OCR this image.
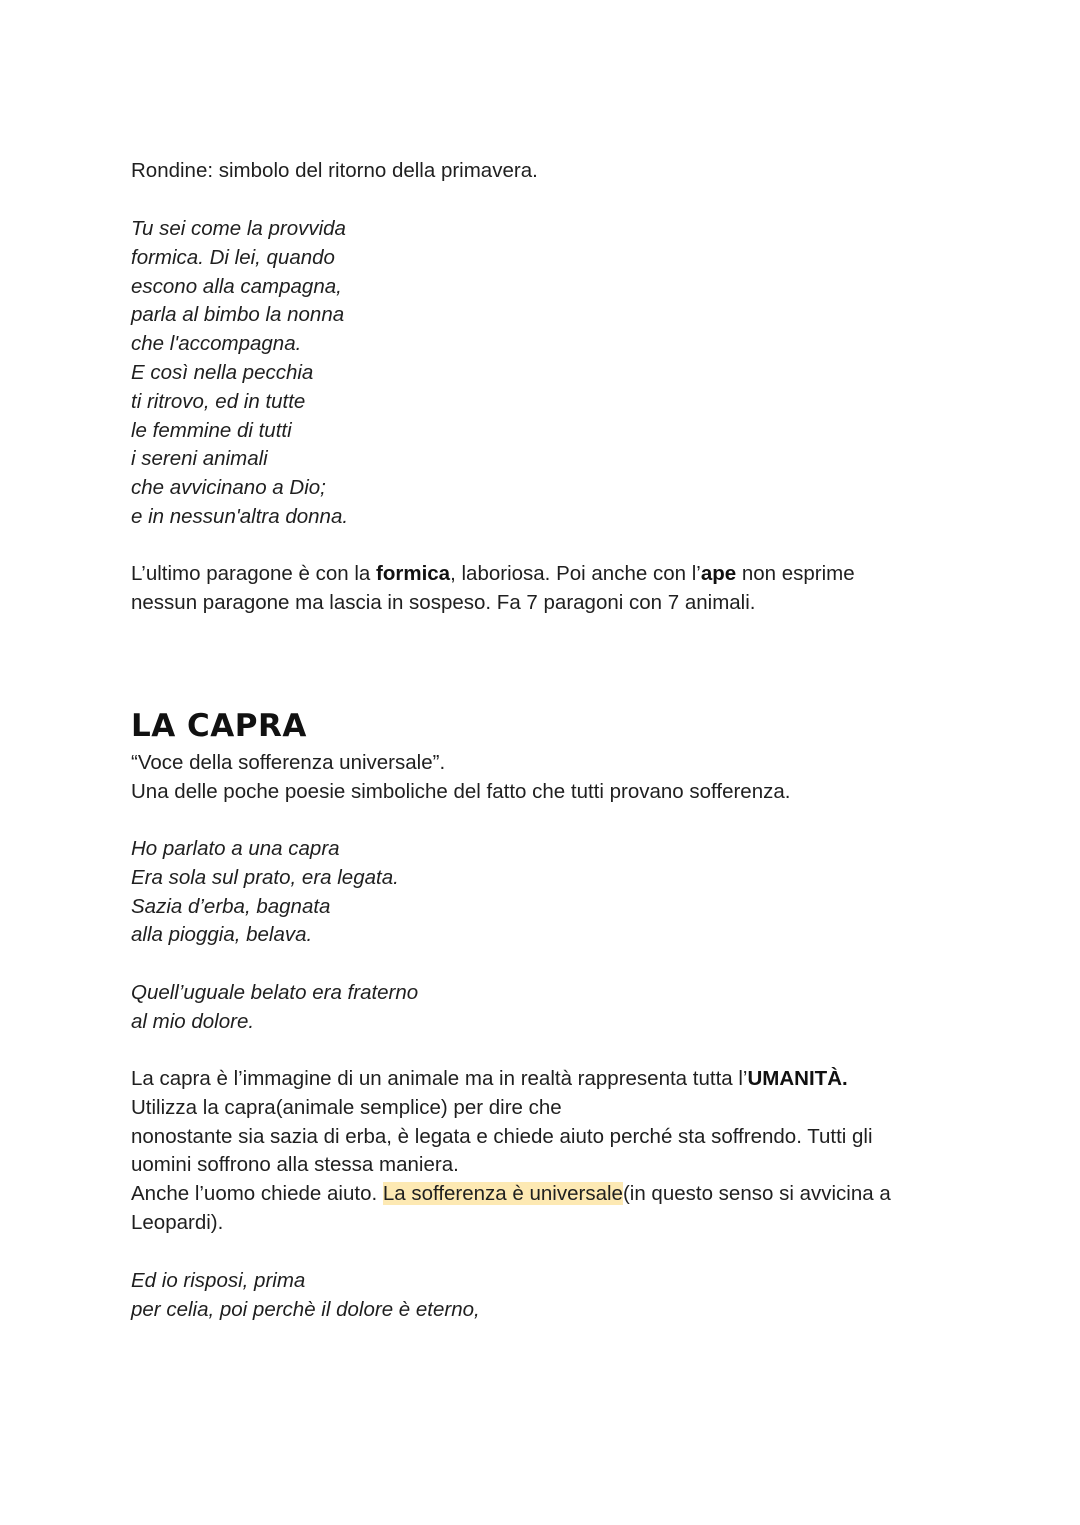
Rondine: simbolo del ritorno della primavera.
Tu sei come la provvida
formica. Di lei, quando
escono alla campagna,
parla al bimbo la nonna
che l'accompagna.
E così nella pecchia
ti ritrovo, ed in tutte
le femmine di tutti
i sereni animali
che avvicinano a Dio;
e in nessun'altra donna.
L’ultimo paragone è con la formica, laboriosa. Poi anche con l’ape non esprime
nessun paragone ma lascia in sospeso. Fa 7 paragoni con 7 animali.
LA CAPRA
“Voce della sofferenza universale”.
Una delle poche poesie simboliche del fatto che tutti provano sofferenza.
Ho parlato a una capra
Era sola sul prato, era legata.
Sazia d’erba, bagnata
alla pioggia, belava.
Quell’uguale belato era fraterno
al mio dolore.
La capra è l’immagine di un animale ma in realtà rappresenta tutta l’UMANITÀ.
Utilizza la capra(animale semplice) per dire che
nonostante sia sazia di erba, è legata e chiede aiuto perché sta soffrendo. Tutti gli
uomini soffrono alla stessa maniera.
Anche l’uomo chiede aiuto. La sofferenza è universale(in questo senso si avvicina a
Leopardi).
Ed io risposi, prima
per celia, poi perchè il dolore è eterno,
